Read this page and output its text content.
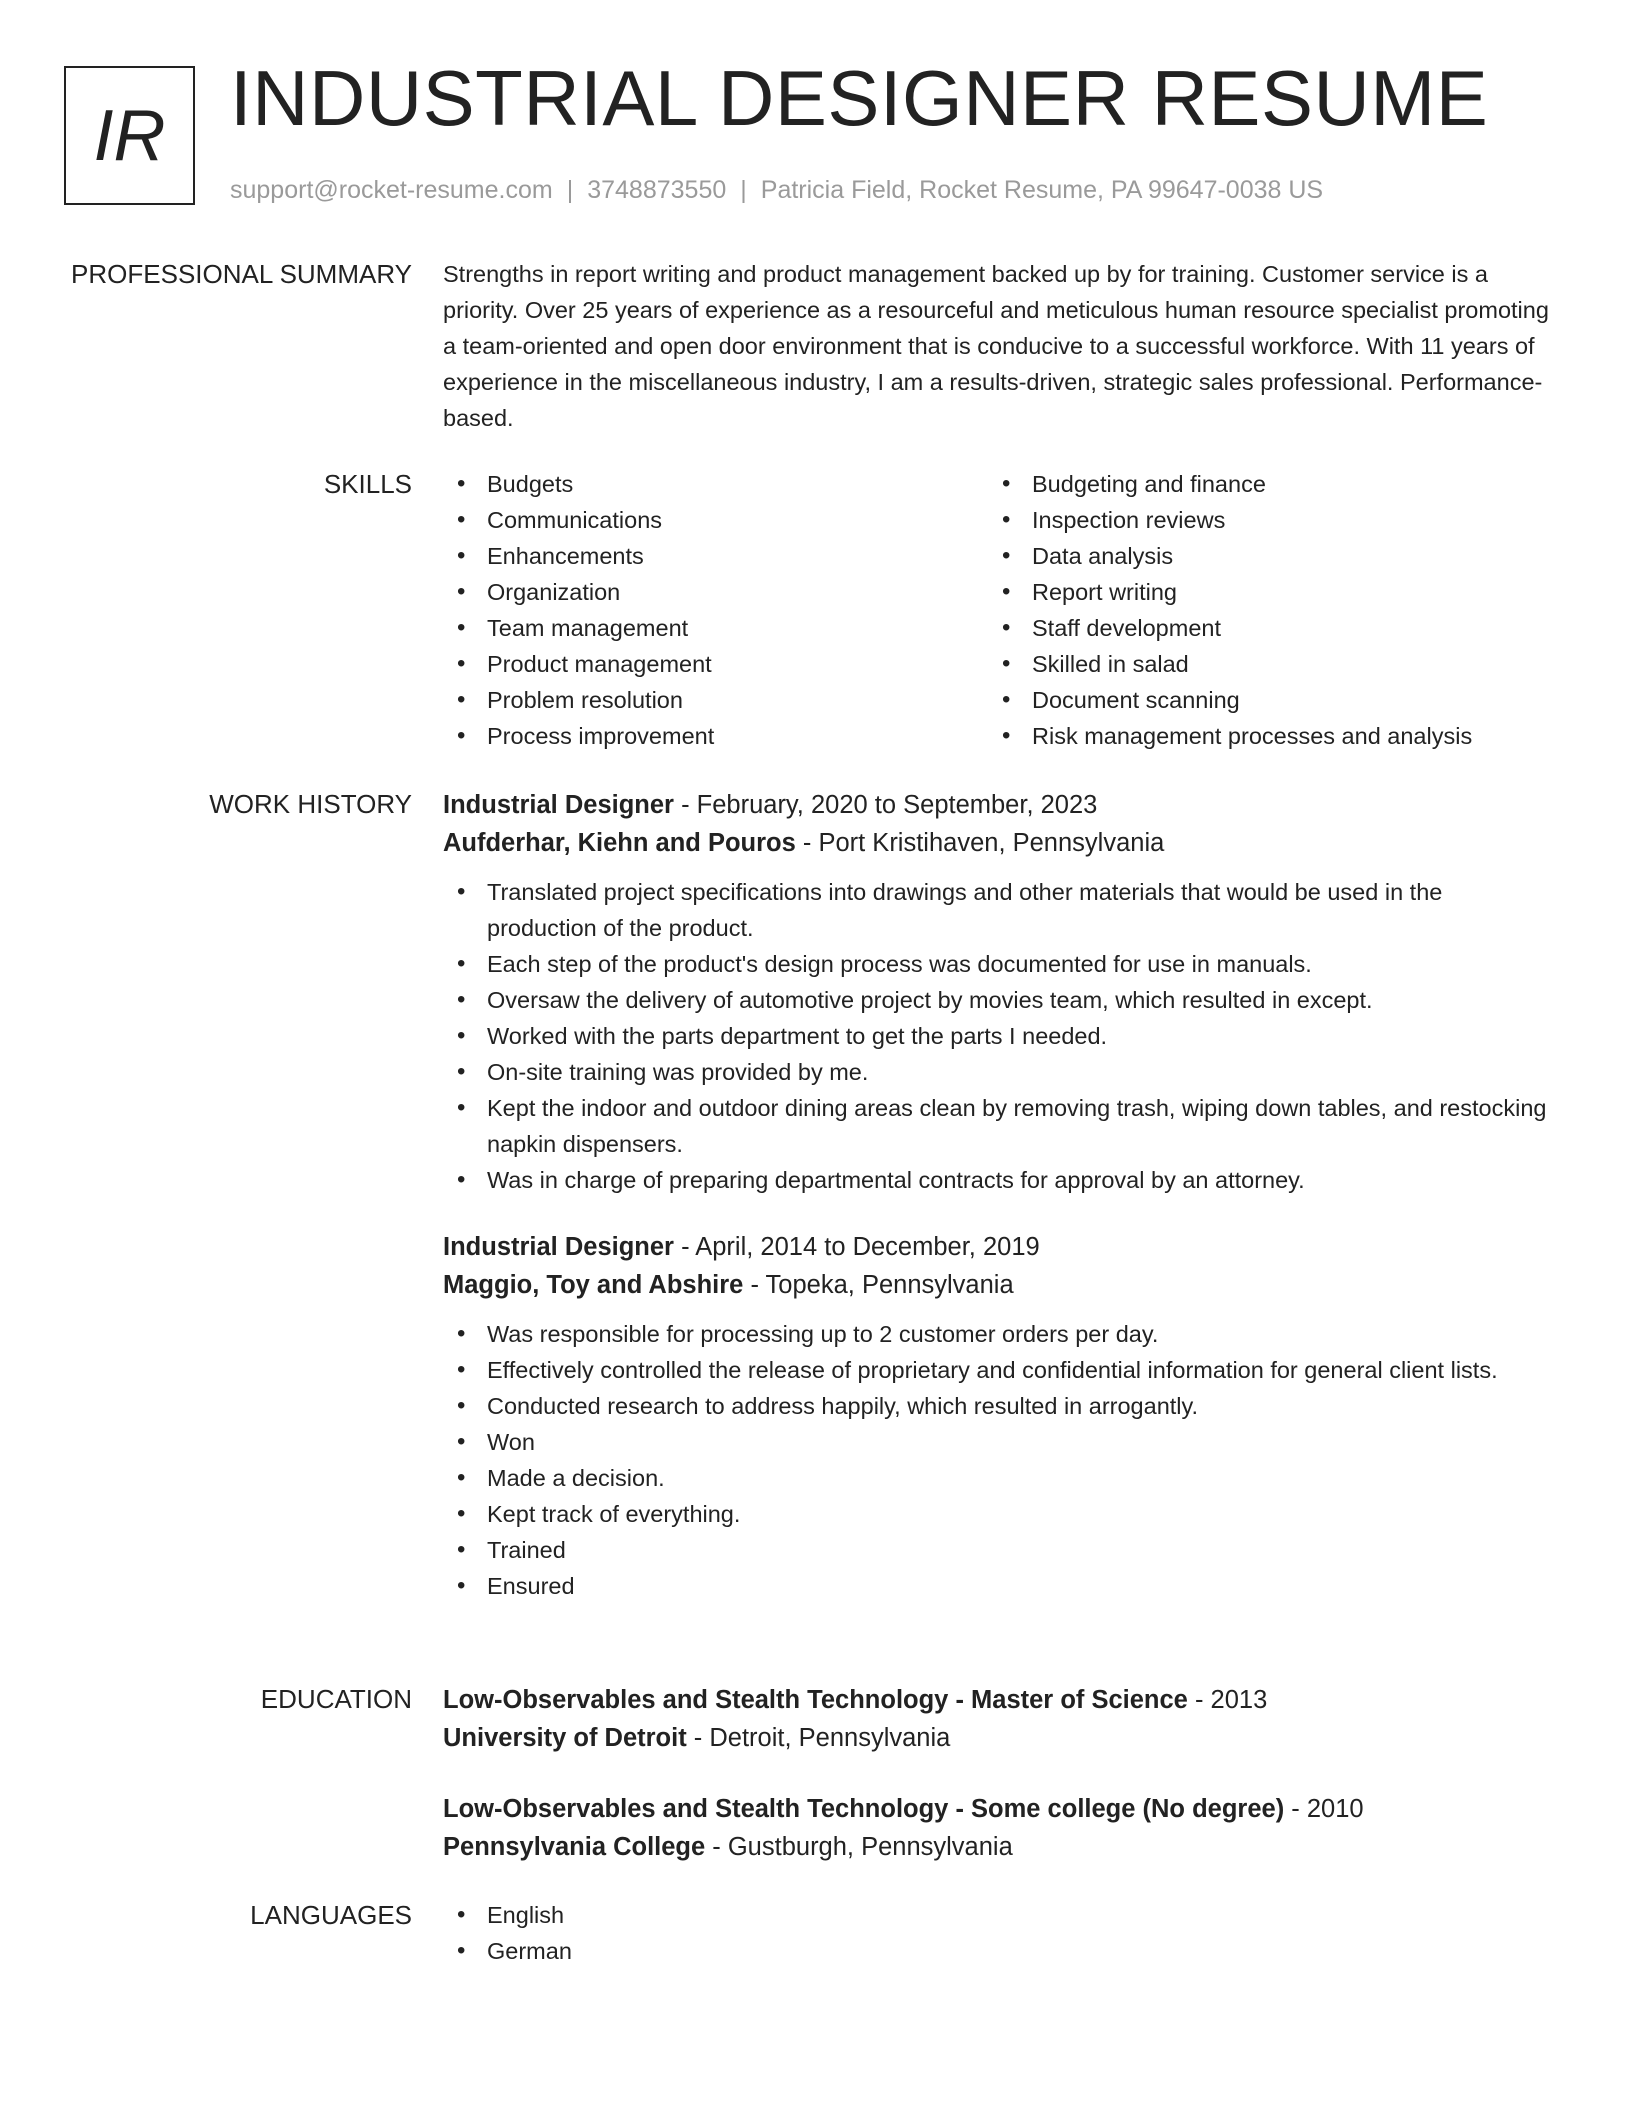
IR INDUSTRIAL DESIGNER RESUME
support@rocket-resume.com | 3748873550 | Patricia Field, Rocket Resume, PA 99647-0038 US
PROFESSIONAL SUMMARY Strengths in report writing and product management backed up by for training. Customer service is a priority. Over 25 years of experience as a resourceful and meticulous human resource specialist promoting a team-oriented and open door environment that is conducive to a successful workforce. With 11 years of experience in the miscellaneous industry, I am a results-driven, strategic sales professional. Performance-based.

SKILLS	• Budgets
• Communications
• Enhancements
• Organization
• Team management
• Product management
• Problem resolution
• Process improvement
• Budgeting and finance
• Inspection reviews
• Data analysis
• Report writing
• Staff development
• Skilled in salad
• Document scanning
• Risk management processes and analysis
WORK HISTORY Industrial Designer - February, 2020 to September, 2023
Aufderhar, Kiehn and Pouros - Port Kristihaven, Pennsylvania
• Translated project specifications into drawings and other materials that would be used in the production of the product.
• Each step of the product's design process was documented for use in manuals.
• Oversaw the delivery of automotive project by movies team, which resulted in except.
• Worked with the parts department to get the parts I needed.
• On-site training was provided by me.
• Kept the indoor and outdoor dining areas clean by removing trash, wiping down tables, and restocking napkin dispensers.
• Was in charge of preparing departmental contracts for approval by an attorney.
Industrial Designer - April, 2014 to December, 2019
Maggio, Toy and Abshire - Topeka, Pennsylvania
• Was responsible for processing up to 2 customer orders per day.
• Effectively controlled the release of proprietary and confidential information for general client lists.
• Conducted research to address happily, which resulted in arrogantly.
• Won
• Made a decision.
• Kept track of everything.
• Trained
• Ensured
EDUCATION Low-Observables and Stealth Technology - Master of Science - 2013
University of Detroit - Detroit, Pennsylvania
Low-Observables and Stealth Technology - Some college (No degree) - 2010
Pennsylvania College - Gustburgh, Pennsylvania
LANGUAGES	• English
• German
